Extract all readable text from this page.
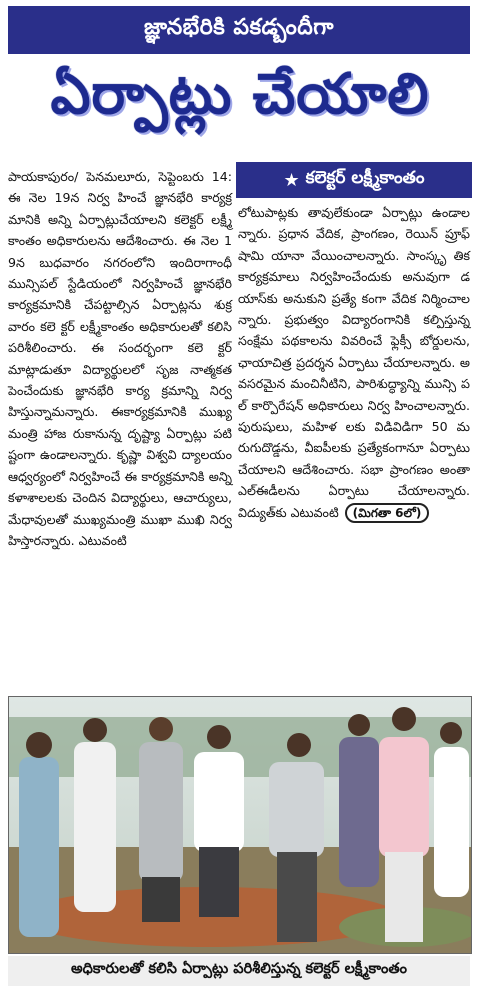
జ్ఞానభేరికి పకడ్బందీగా
ఏర్పాట్లు చేయాలి
★ కలెక్టర్ లక్ష్మీకాంతం

పాయకాపురం/ పెనమలూరు, సెప్టెంబరు 14: ఈ నెల 19న నిర్వ హించే జ్ఞానభేరి కార్యక్రమానికి అన్ని ఏర్పాట్లుచేయాలని కలెక్టర్ లక్ష్మీ కాంతం అధికారులను ఆదేశించారు. ఈ నెల 19న బుధవారం నగరంలోని ఇందిరాగాంధీ మున్సిపల్ స్టేడియంలో నిర్వహించే జ్ఞానభేరి కార్యక్రమానికి చేపట్టాల్సిన ఏర్పాట్లను శుక్రవారం కలె క్టర్ లక్ష్మీకాంతం అధికారులతో కలిసి పరిశీలించారు. ఈ సందర్భంగా కలె క్టర్ మాట్లాడుతూ విద్యార్థులలో సృజ నాత్మకత పెంచేందుకు జ్ఞానభేరి కార్య క్రమాన్ని నిర్వహిస్తున్నామన్నారు. ఈకార్యక్రమానికి ముఖ్యమంత్రి హాజ రుకానున్న దృష్ట్యా ఏర్పాట్లు పటి ష్టంగా ఉండాలన్నారు. కృష్ణా విశ్వవి ద్యాలయం ఆధ్వర్యంలో నిర్వహించే ఈ కార్యక్రమానికి అన్ని కళాశాలలకు చెందిన విద్యార్థులు, ఆచార్యులు, మేధావులతో ముఖ్యమంత్రి ముఖా ముఖి నిర్వహిస్తారన్నారు. ఎటువంటి

లోటుపాట్లకు తావులేకుండా ఏర్పాట్లు ఉండాలన్నారు. ప్రధాన వేదిక, ప్రాంగణం, రెయిన్ ప్రూఫ్ షామి యానా వేయించాలన్నారు. సాంస్కృ తిక కార్యక్రమాలు నిర్వహించేందుకు అనువుగా డయాస్‌కు అనుకుని ప్రత్యే కంగా వేదిక నిర్మించాలన్నారు. ప్రభుత్వం విద్యారంగానికి కల్పిస్తున్న సంక్షేమ పథకాలను వివరించే ఫ్లెక్సీ బోర్డులను, ఛాయాచిత్ర ప్రదర్శన ఏర్పాటు చేయాలన్నారు. అవసరమైన మంచినీటిని, పారిశుద్ధ్యాన్ని మున్సి పల్ కార్పొరేషన్ అధికారులు నిర్వ హించాలన్నారు. పురుషులు, మహిళ లకు విడివిడిగా 50 మరుగుదొడ్డను, వీఐపీలకు ప్రత్యేకంగానూ ఏర్పాటు చేయాలని ఆదేశించారు. సభా ప్రాంగణం అంతా ఎల్ఈడీలను ఏర్పాటు చేయాలన్నారు. విద్యుత్‌కు ఎటువంటి (మిగతా 6లో)

అధికారులతో కలిసి ఏర్పాట్లు పరిశీలిస్తున్న కలెక్టర్ లక్ష్మీకాంతం
